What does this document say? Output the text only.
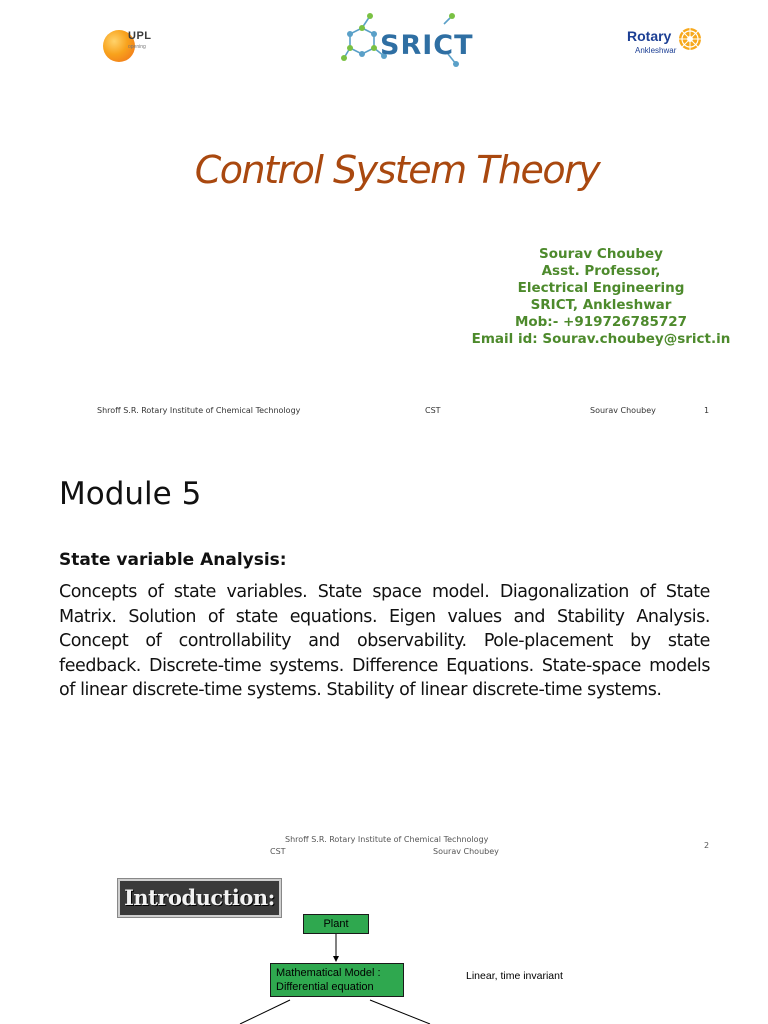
UPL
opening	SRICT	Rotary
Ankleshwar
Control System Theory
Sourav Choubey
Asst. Professor,
Electrical Engineering
SRICT, Ankleshwar
Mob:- +919726785727
Email id: Sourav.choubey@srict.in
Shroff S.R. Rotary Institute of Chemical Technology	CST	Sourav Choubey	1
Module 5
State variable Analysis:
Concepts of state variables. State space model. Diagonalization of State Matrix. Solution of state equations. Eigen values and Stability Analysis. Concept of controllability and observability. Pole-placement by state feedback. Discrete-time systems. Difference Equations. State-space models of linear discrete-time systems. Stability of linear discrete-time systems.
Shroff S.R. Rotary Institute of Chemical Technology
CST	Sourav Choubey
2
Introduction:
Plant
Mathematical Model :
Differential equation
Linear, time invariant
